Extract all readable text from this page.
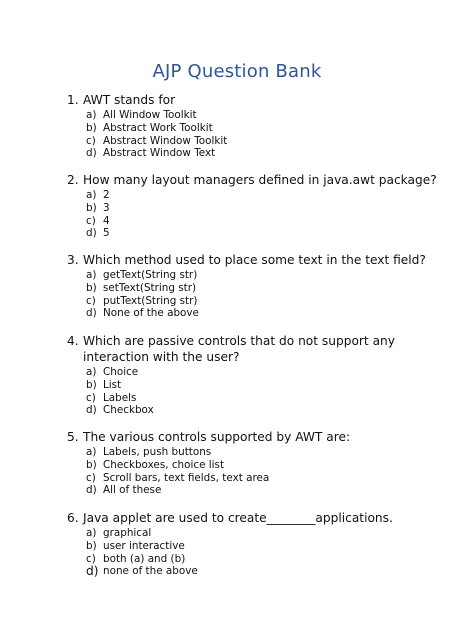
AJP Question Bank
1. AWT stands for
a) All Window Toolkit
b) Abstract Work Toolkit
c) Abstract Window Toolkit
d) Abstract Window Text
2. How many layout managers defined in java.awt package?
a) 2
b) 3
c) 4
d) 5
3. Which method used to place some text in the text field?
a) getText(String str)
b) setText(String str)
c) putText(String str)
d) None of the above
4. Which are passive controls that do not support any interaction with the user?
a) Choice
b) List
c) Labels
d) Checkbox
5. The various controls supported by AWT are:
a) Labels, push buttons
b) Checkboxes, choice list
c) Scroll bars, text fields, text area
d) All of these
6. Java applet are used to create________applications.
a) graphical
b) user interactive
c) both (a) and (b)
d) none of the above
